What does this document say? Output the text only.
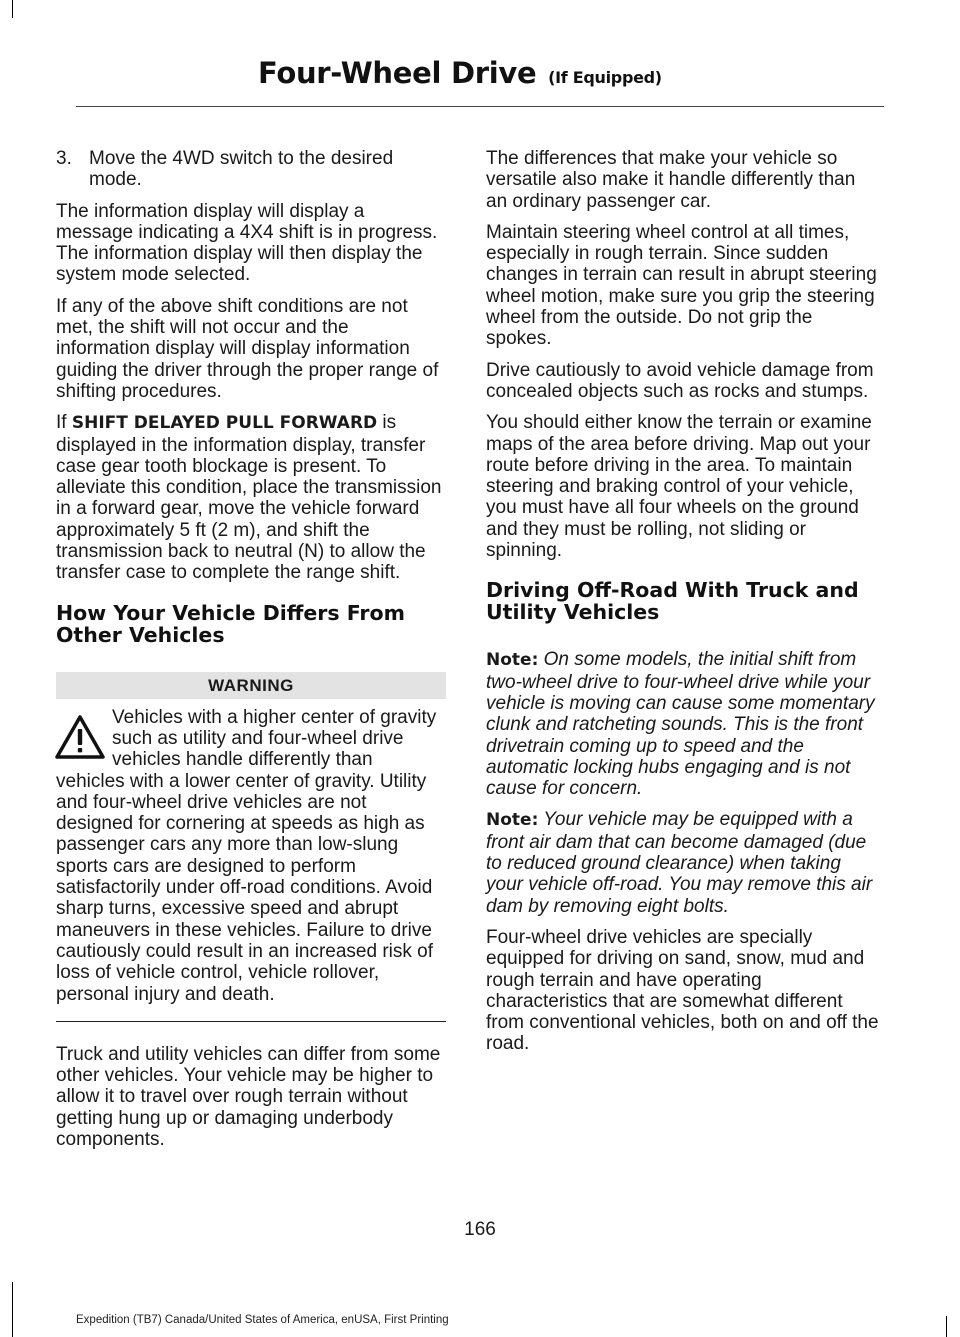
Four-Wheel Drive (If Equipped)
3. Move the 4WD switch to the desired mode.

The information display will display a message indicating a 4X4 shift is in progress. The information display will then display the system mode selected.

If any of the above shift conditions are not met, the shift will not occur and the information display will display information guiding the driver through the proper range of shifting procedures.

If SHIFT DELAYED PULL FORWARD is displayed in the information display, transfer case gear tooth blockage is present. To alleviate this condition, place the transmission in a forward gear, move the vehicle forward approximately 5 ft (2 m), and shift the transmission back to neutral (N) to allow the transfer case to complete the range shift.

How Your Vehicle Differs From Other Vehicles
WARNING
Vehicles with a higher center of gravity such as utility and four-wheel drive vehicles handle differently than vehicles with a lower center of gravity. Utility and four-wheel drive vehicles are not designed for cornering at speeds as high as passenger cars any more than low-slung sports cars are designed to perform satisfactorily under off-road conditions. Avoid sharp turns, excessive speed and abrupt maneuvers in these vehicles. Failure to drive cautiously could result in an increased risk of loss of vehicle control, vehicle rollover, personal injury and death.

Truck and utility vehicles can differ from some other vehicles. Your vehicle may be higher to allow it to travel over rough terrain without getting hung up or damaging underbody components.

The differences that make your vehicle so versatile also make it handle differently than an ordinary passenger car.

Maintain steering wheel control at all times, especially in rough terrain. Since sudden changes in terrain can result in abrupt steering wheel motion, make sure you grip the steering wheel from the outside. Do not grip the spokes.

Drive cautiously to avoid vehicle damage from concealed objects such as rocks and stumps.

You should either know the terrain or examine maps of the area before driving. Map out your route before driving in the area. To maintain steering and braking control of your vehicle, you must have all four wheels on the ground and they must be rolling, not sliding or spinning.

Driving Off-Road With Truck and Utility Vehicles

Note: On some models, the initial shift from two-wheel drive to four-wheel drive while your vehicle is moving can cause some momentary clunk and ratcheting sounds. This is the front drivetrain coming up to speed and the automatic locking hubs engaging and is not cause for concern.

Note: Your vehicle may be equipped with a front air dam that can become damaged (due to reduced ground clearance) when taking your vehicle off-road. You may remove this air dam by removing eight bolts.

Four-wheel drive vehicles are specially equipped for driving on sand, snow, mud and rough terrain and have operating characteristics that are somewhat different from conventional vehicles, both on and off the road.

166
Expedition (TB7) Canada/United States of America, enUSA, First Printing
